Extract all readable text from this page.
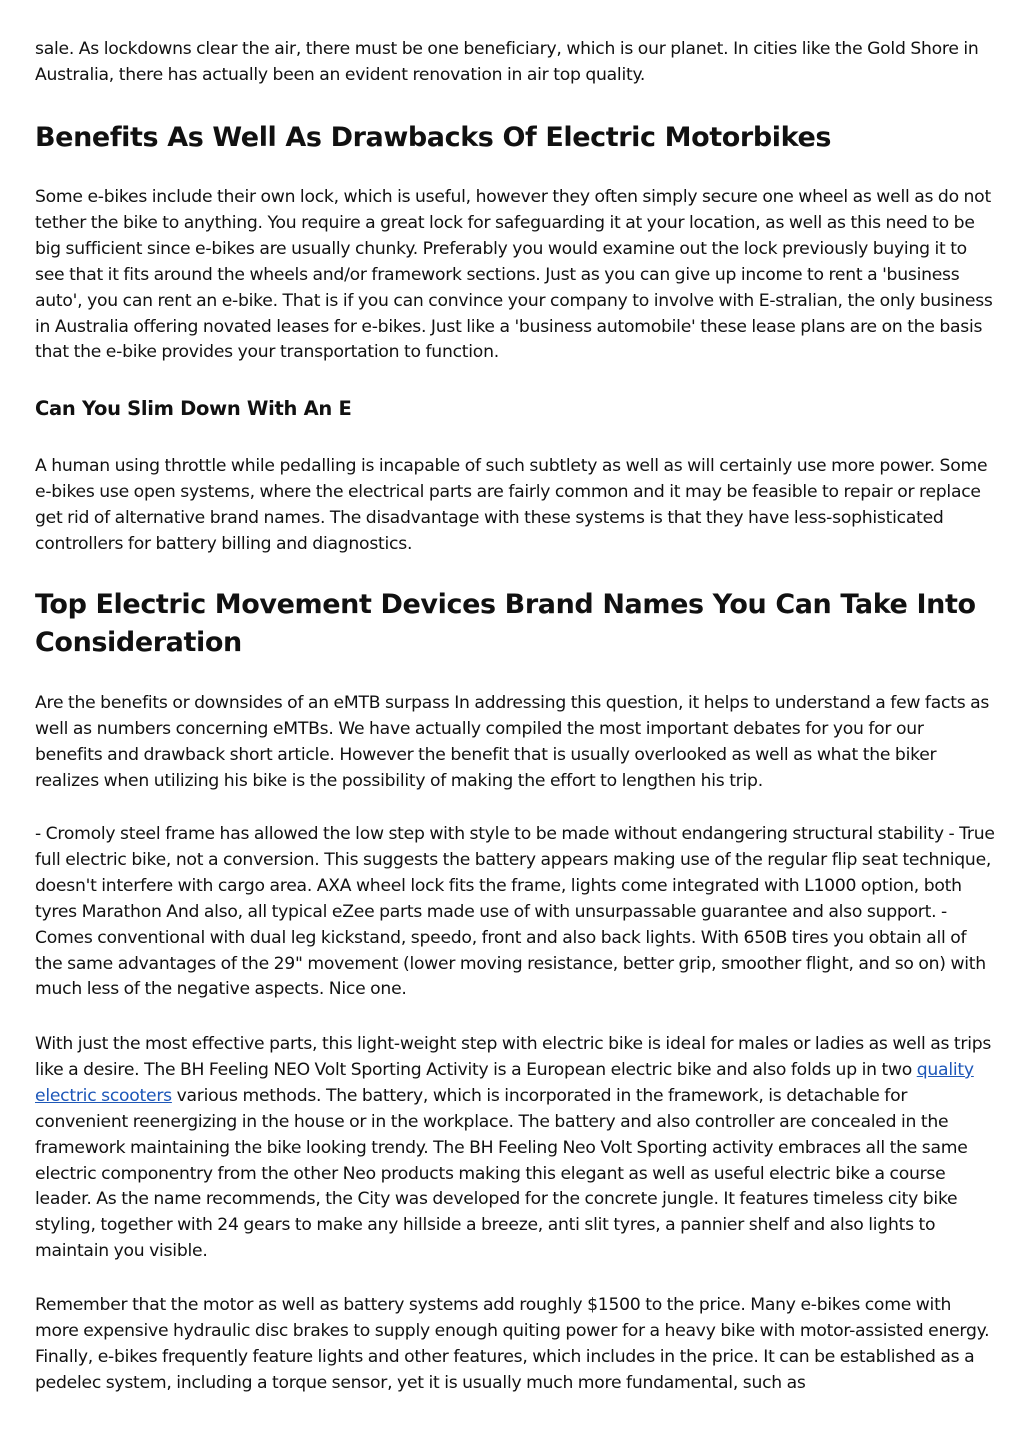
sale. As lockdowns clear the air, there must be one beneficiary, which is our planet. In cities like the Gold Shore in Australia, there has actually been an evident renovation in air top quality.

Benefits As Well As Drawbacks Of Electric Motorbikes

Some e-bikes include their own lock, which is useful, however they often simply secure one wheel as well as do not tether the bike to anything. You require a great lock for safeguarding it at your location, as well as this need to be big sufficient since e-bikes are usually chunky. Preferably you would examine out the lock previously buying it to see that it fits around the wheels and/or framework sections. Just as you can give up income to rent a 'business auto', you can rent an e-bike. That is if you can convince your company to involve with E-stralian, the only business in Australia offering novated leases for e-bikes. Just like a 'business automobile' these lease plans are on the basis that the e-bike provides your transportation to function.

Can You Slim Down With An E

A human using throttle while pedalling is incapable of such subtlety as well as will certainly use more power. Some e-bikes use open systems, where the electrical parts are fairly common and it may be feasible to repair or replace get rid of alternative brand names. The disadvantage with these systems is that they have less-sophisticated controllers for battery billing and diagnostics.

Top Electric Movement Devices Brand Names You Can Take Into Consideration

Are the benefits or downsides of an eMTB surpass In addressing this question, it helps to understand a few facts as well as numbers concerning eMTBs. We have actually compiled the most important debates for you for our benefits and drawback short article. However the benefit that is usually overlooked as well as what the biker realizes when utilizing his bike is the possibility of making the effort to lengthen his trip.

- Cromoly steel frame has allowed the low step with style to be made without endangering structural stability - True full electric bike, not a conversion. This suggests the battery appears making use of the regular flip seat technique, doesn't interfere with cargo area. AXA wheel lock fits the frame, lights come integrated with L1000 option, both tyres Marathon And also, all typical eZee parts made use of with unsurpassable guarantee and also support. - Comes conventional with dual leg kickstand, speedo, front and also back lights. With 650B tires you obtain all of the same advantages of the 29" movement (lower moving resistance, better grip, smoother flight, and so on) with much less of the negative aspects. Nice one.

With just the most effective parts, this light-weight step with electric bike is ideal for males or ladies as well as trips like a desire. The BH Feeling NEO Volt Sporting Activity is a European electric bike and also folds up in two quality electric scooters various methods. The battery, which is incorporated in the framework, is detachable for convenient reenergizing in the house or in the workplace. The battery and also controller are concealed in the framework maintaining the bike looking trendy. The BH Feeling Neo Volt Sporting activity embraces all the same electric componentry from the other Neo products making this elegant as well as useful electric bike a course leader. As the name recommends, the City was developed for the concrete jungle. It features timeless city bike styling, together with 24 gears to make any hillside a breeze, anti slit tyres, a pannier shelf and also lights to maintain you visible.

Remember that the motor as well as battery systems add roughly $1500 to the price. Many e-bikes come with more expensive hydraulic disc brakes to supply enough quiting power for a heavy bike with motor-assisted energy. Finally, e-bikes frequently feature lights and other features, which includes in the price. It can be established as a pedelec system, including a torque sensor, yet it is usually much more fundamental, such as
